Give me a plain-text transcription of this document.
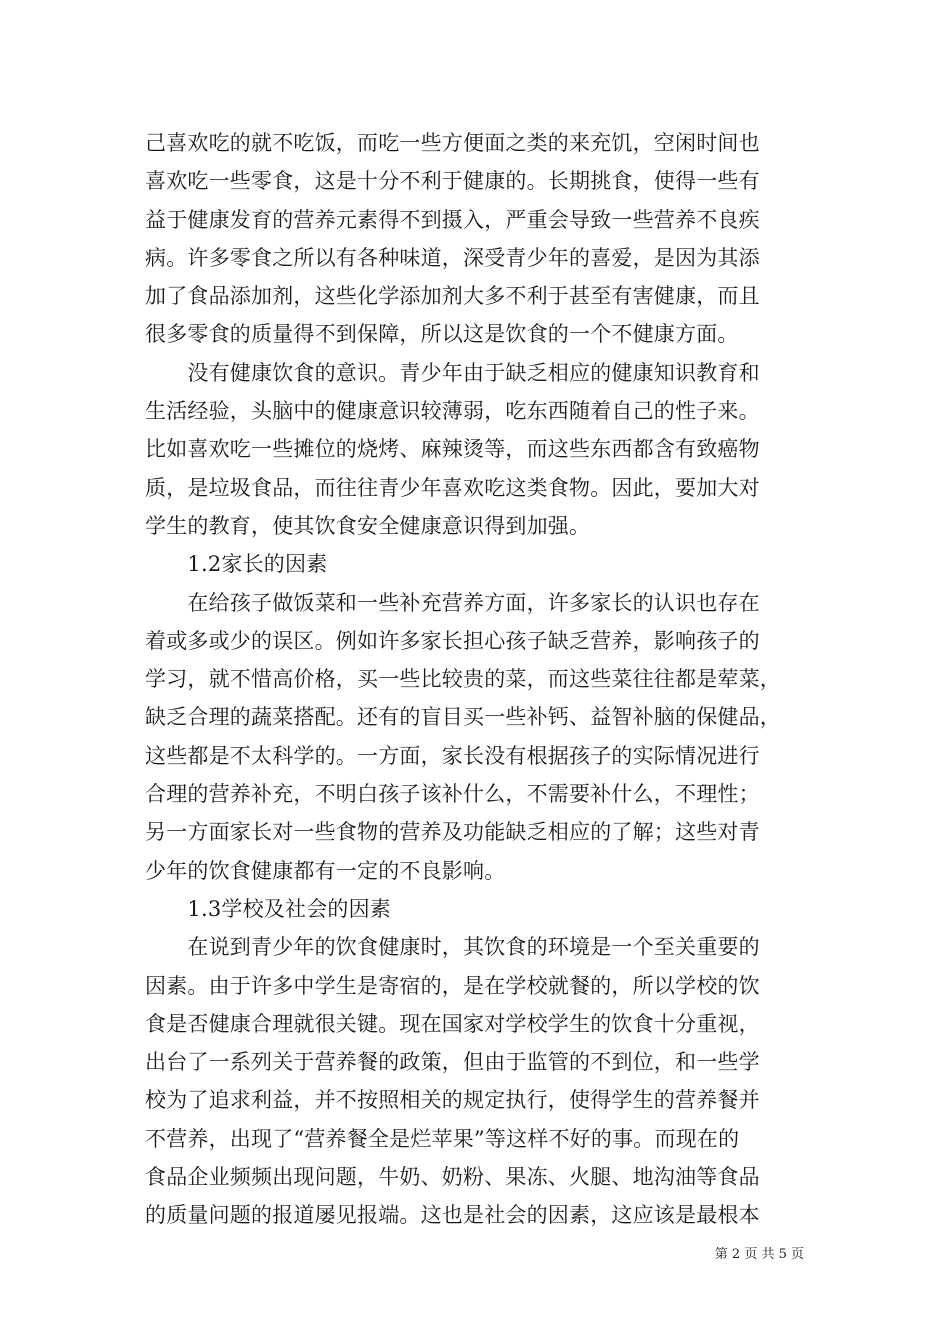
己喜欢吃的就不吃饭，而吃一些方便面之类的来充饥，空闲时间也
喜欢吃一些零食，这是十分不利于健康的。长期挑食，使得一些有
益于健康发育的营养元素得不到摄入，严重会导致一些营养不良疾
病。许多零食之所以有各种味道，深受青少年的喜爱，是因为其添
加了食品添加剂，这些化学添加剂大多不利于甚至有害健康，而且
很多零食的质量得不到保障，所以这是饮食的一个不健康方面。
　　没有健康饮食的意识。青少年由于缺乏相应的健康知识教育和
生活经验，头脑中的健康意识较薄弱，吃东西随着自己的性子来。
比如喜欢吃一些摊位的烧烤、麻辣烫等，而这些东西都含有致癌物
质，是垃圾食品，而往往青少年喜欢吃这类食物。因此，要加大对
学生的教育，使其饮食安全健康意识得到加强。
　　1.2家长的因素
　　在给孩子做饭菜和一些补充营养方面，许多家长的认识也存在
着或多或少的误区。例如许多家长担心孩子缺乏营养，影响孩子的
学习，就不惜高价格，买一些比较贵的菜，而这些菜往往都是荤菜，
缺乏合理的蔬菜搭配。还有的盲目买一些补钙、益智补脑的保健品，
这些都是不太科学的。一方面，家长没有根据孩子的实际情况进行
合理的营养补充，不明白孩子该补什么，不需要补什么，不理性；
另一方面家长对一些食物的营养及功能缺乏相应的了解；这些对青
少年的饮食健康都有一定的不良影响。
　　1.3学校及社会的因素
　　在说到青少年的饮食健康时，其饮食的环境是一个至关重要的
因素。由于许多中学生是寄宿的，是在学校就餐的，所以学校的饮
食是否健康合理就很关键。现在国家对学校学生的饮食十分重视，
出台了一系列关于营养餐的政策，但由于监管的不到位，和一些学
校为了追求利益，并不按照相关的规定执行，使得学生的营养餐并
不营养，出现了“营养餐全是烂苹果”等这样不好的事。而现在的
食品企业频频出现问题，牛奶、奶粉、果冻、火腿、地沟油等食品
的质量问题的报道屡见报端。这也是社会的因素，这应该是最根本
第 2 页 共 5 页
